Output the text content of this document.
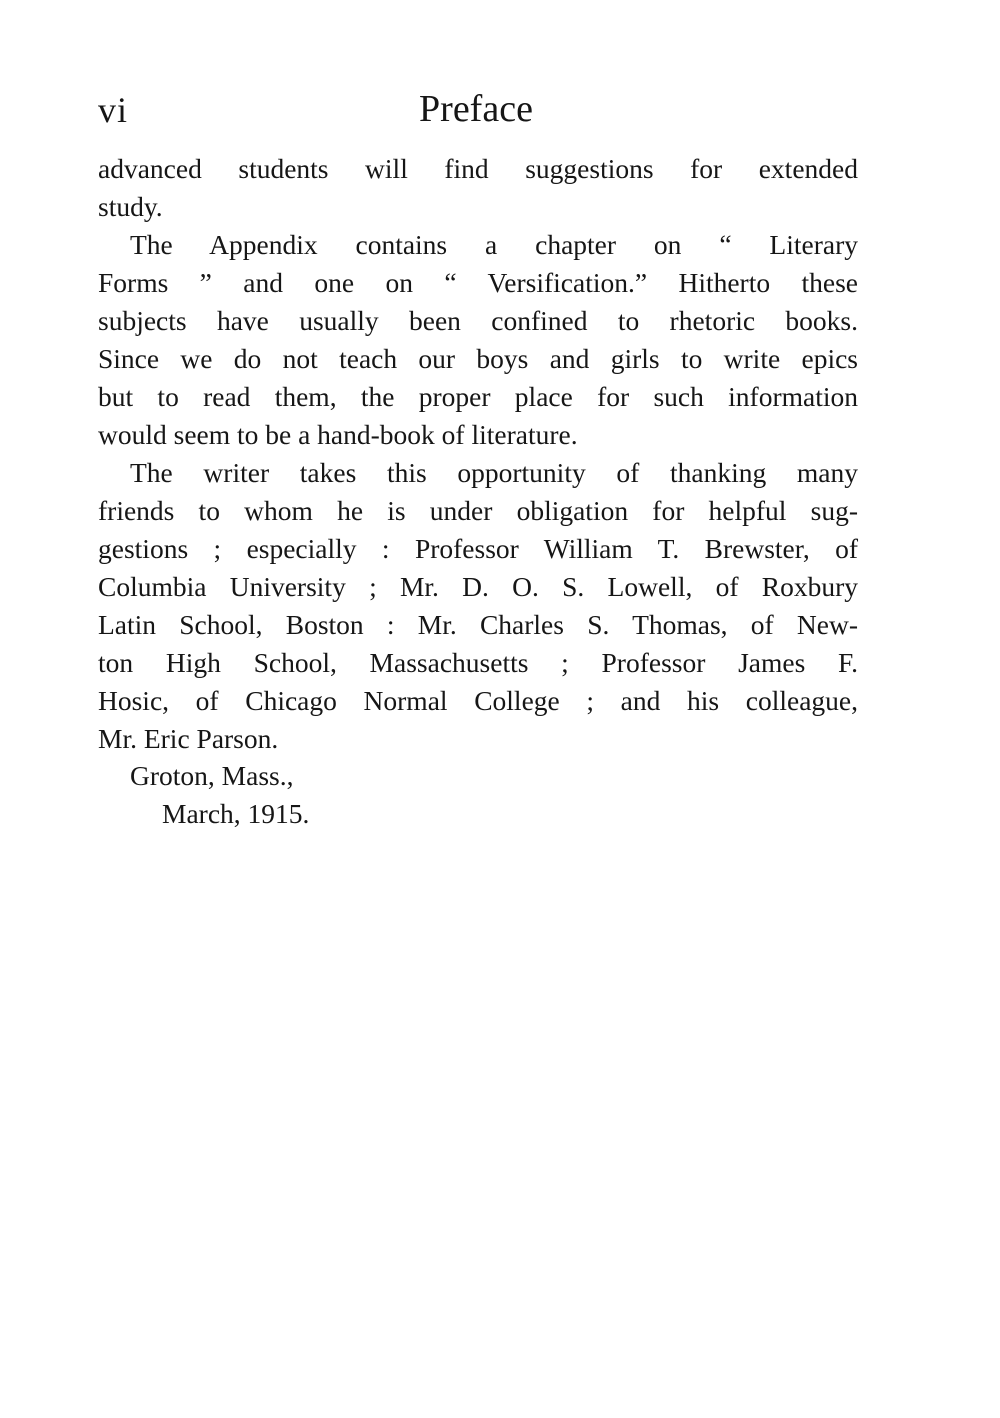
vi	Preface

advanced students will find suggestions for extended
study.

The Appendix contains a chapter on “ Literary
Forms ” and one on “ Versification.” Hitherto these
subjects have usually been confined to rhetoric books.
Since we do not teach our boys and girls to write epics
but to read them, the proper place for such information
would seem to be a hand-book of literature.

The writer takes this opportunity of thanking many
friends to whom he is under obligation for helpful sug-
gestions ; especially : Professor William T. Brewster, of
Columbia University ; Mr. D. O. S. Lowell, of Roxbury
Latin School, Boston : Mr. Charles S. Thomas, of New-
ton High School, Massachusetts ; Professor James F.
Hosic, of Chicago Normal College ; and his colleague,
Mr. Eric Parson.

Groton, Mass.,
March, 1915.
